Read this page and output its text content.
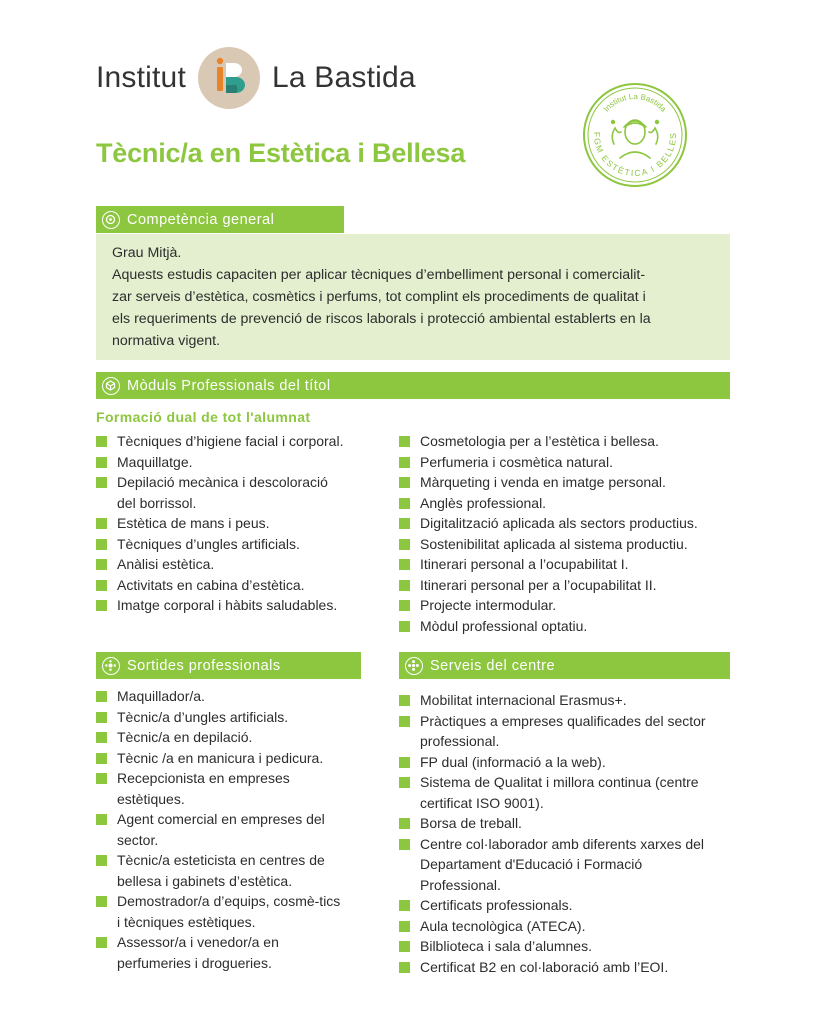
Institut	La Bastida
Institut La Bastida
FGM ESTÈTICA I BELLES
Tècnic/a en Estètica i Bellesa
Competència general
Grau Mitjà.
Aquests estudis capaciten per aplicar tècniques d’embelliment personal i comercialit-
zar serveis d’estètica, cosmètics i perfums, tot complint els procediments de qualitat i
els requeriments de prevenció de riscos laborals i protecció ambiental establerts en la
normativa vigent.
Mòduls Professionals del títol
Formació dual de tot l'alumnat
Tècniques d’higiene facial i corporal.
Maquillatge.
Depilació mecànica i descoloració del borrissol.
Estètica de mans i peus.
Tècniques d’ungles artificials.
Anàlisi estètica.
Activitats en cabina d’estètica.
Imatge corporal i hàbits saludables.
Cosmetologia per a l’estètica i bellesa.
Perfumeria i cosmètica natural.
Màrqueting i venda en imatge personal.
Anglès professional.
Digitalització aplicada als sectors productius.
Sostenibilitat aplicada al sistema productiu.
Itinerari personal a l’ocupabilitat I.
Itinerari personal per a l’ocupabilitat II.
Projecte intermodular.
Mòdul professional optatiu.
Sortides professionals
Maquillador/a.
Tècnic/a d’ungles artificials.
Tècnic/a en depilació.
Tècnic /a en manicura i pedicura.
Recepcionista en empreses estètiques.
Agent comercial en empreses del sector.
Tècnic/a esteticista en centres de bellesa i gabinets d’estètica.
Demostrador/a d’equips, cosmè-tics i tècniques estètiques.
Assessor/a i venedor/a en perfumeries i drogueries.
Serveis del centre
Mobilitat internacional Erasmus+.
Pràctiques a empreses qualificades del sector professional.
FP dual (informació a la web).
Sistema de Qualitat i millora continua (centre certificat ISO 9001).
Borsa de treball.
Centre col·laborador amb diferents xarxes del Departament d'Educació i Formació Professional.
Certificats professionals.
Aula tecnològica (ATECA).
Bilblioteca i sala d’alumnes.
Certificat B2 en col·laboració amb l’EOI.
